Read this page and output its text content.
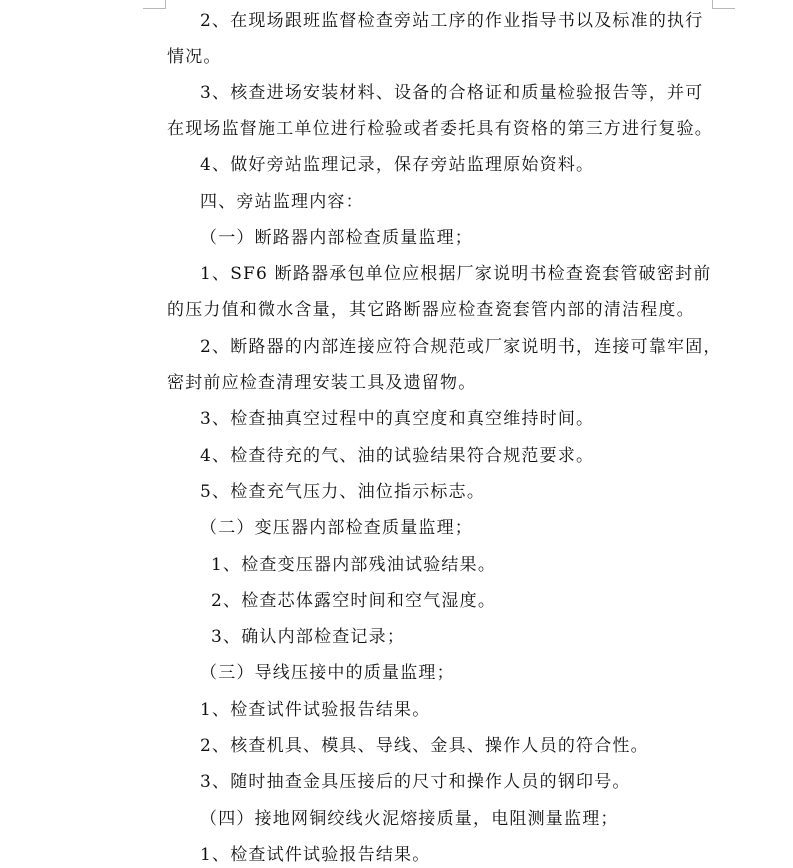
2、在现场跟班监督检查旁站工序的作业指导书以及标准的执行
情况。
3、核查进场安装材料、设备的合格证和质量检验报告等，并可
在现场监督施工单位进行检验或者委托具有资格的第三方进行复验。
4、做好旁站监理记录，保存旁站监理原始资料。
四、旁站监理内容：
（一）断路器内部检查质量监理；
1、SF6 断路器承包单位应根据厂家说明书检查瓷套管破密封前
的压力值和微水含量，其它路断器应检查瓷套管内部的清洁程度。
2、断路器的内部连接应符合规范或厂家说明书，连接可靠牢固，
密封前应检查清理安装工具及遗留物。
3、检查抽真空过程中的真空度和真空维持时间。
4、检查待充的气、油的试验结果符合规范要求。
5、检查充气压力、油位指示标志。
（二）变压器内部检查质量监理；
1、检查变压器内部残油试验结果。
2、检查芯体露空时间和空气湿度。
3、确认内部检查记录；
（三）导线压接中的质量监理；
1、检查试件试验报告结果。
2、核查机具、模具、导线、金具、操作人员的符合性。
3、随时抽查金具压接后的尺寸和操作人员的钢印号。
（四）接地网铜绞线火泥熔接质量，电阻测量监理；
1、检查试件试验报告结果。
